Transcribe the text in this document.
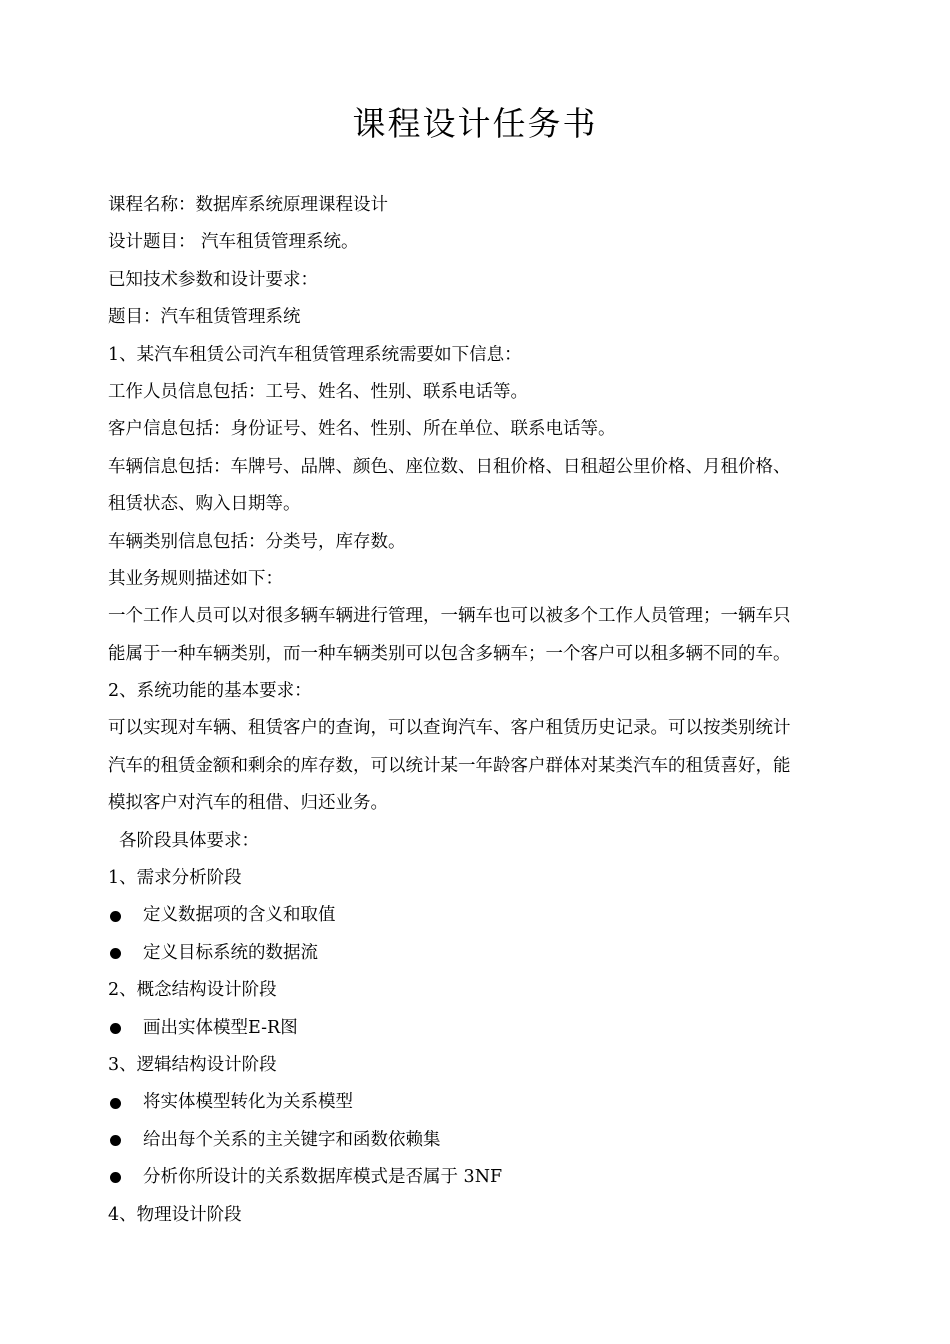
课程设计任务书
课程名称：数据库系统原理课程设计
设计题目： 汽车租赁管理系统。
已知技术参数和设计要求：
题目：汽车租赁管理系统
1、某汽车租赁公司汽车租赁管理系统需要如下信息：
工作人员信息包括：工号、姓名、性别、联系电话等。
客户信息包括：身份证号、姓名、性别、所在单位、联系电话等。
车辆信息包括：车牌号、品牌、颜色、座位数、日租价格、日租超公里价格、月租价格、
租赁状态、购入日期等。
车辆类别信息包括：分类号，库存数。
其业务规则描述如下：
一个工作人员可以对很多辆车辆进行管理，一辆车也可以被多个工作人员管理；一辆车只
能属于一种车辆类别，而一种车辆类别可以包含多辆车；一个客户可以租多辆不同的车。
2、系统功能的基本要求：
可以实现对车辆、租赁客户的查询，可以查询汽车、客户租赁历史记录。可以按类别统计
汽车的租赁金额和剩余的库存数，可以统计某一年龄客户群体对某类汽车的租赁喜好，能
模拟客户对汽车的租借、归还业务。
各阶段具体要求：
1、需求分析阶段
定义数据项的含义和取值
定义目标系统的数据流
2、概念结构设计阶段
画出实体模型E-R图
3、逻辑结构设计阶段
将实体模型转化为关系模型
给出每个关系的主关键字和函数依赖集
分析你所设计的关系数据库模式是否属于 3NF
4、物理设计阶段
